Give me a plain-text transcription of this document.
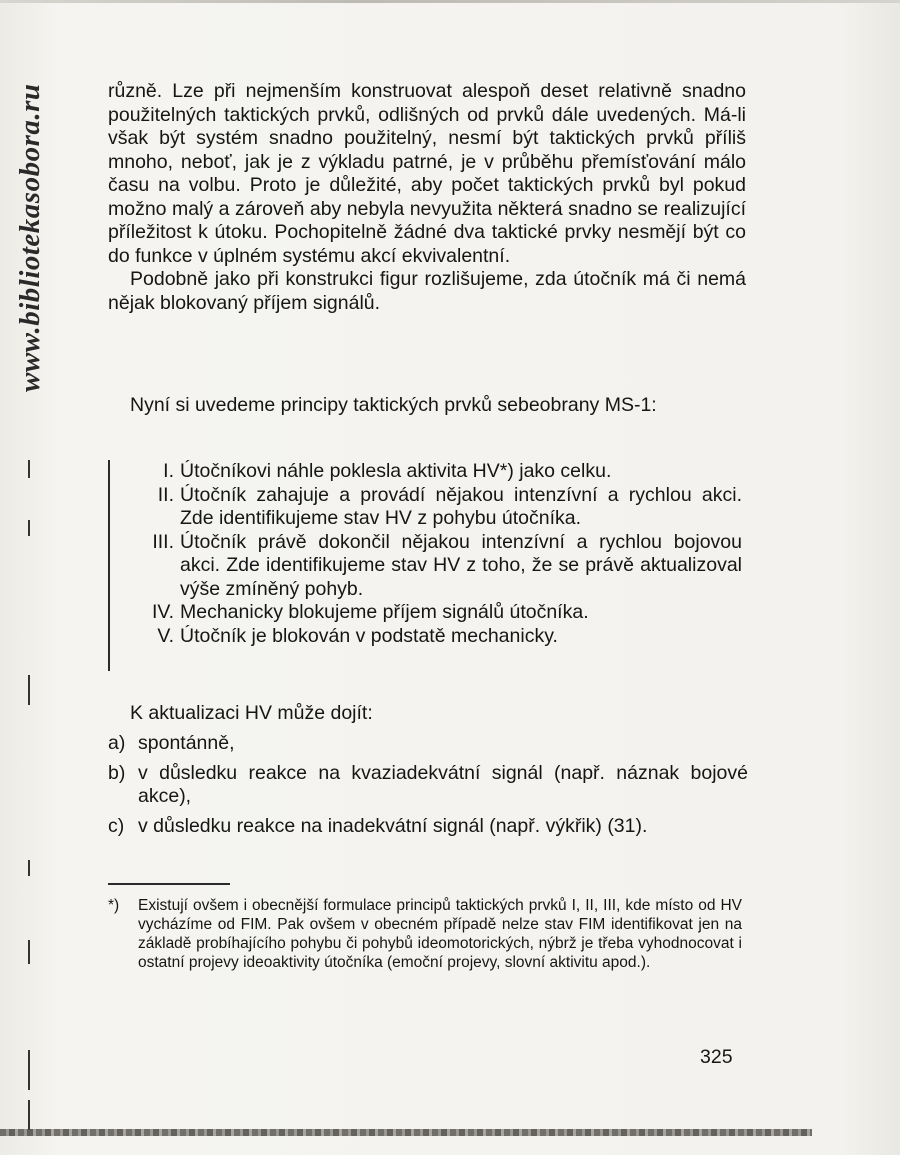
www.bibliotekasobora.ru	různě. Lze při nejmenším konstruovat alespoň deset relativně snadno použitelných taktických prvků, odlišných od prvků dále uvedených. Má-li však být systém snadno použitelný, nesmí být taktických prvků příliš mnoho, neboť, jak je z výkladu patrné, je v průběhu přemísťování málo času na volbu. Proto je důležité, aby počet taktických prvků byl pokud možno malý a zároveň aby nebyla nevyužita některá snadno se realizující příležitost k útoku. Pochopitelně žádné dva taktické prvky nesmějí být co do funkce v úplném systému akcí ekvivalentní.

Podobně jako při konstrukci figur rozlišujeme, zda útočník má či nemá nějak blokovaný příjem signálů.

Nyní si uvedeme principy taktických prvků sebeobrany MS-1:

I. Útočníkovi náhle poklesla aktivita HV*) jako celku.
II. Útočník zahajuje a provádí nějakou intenzívní a rychlou akci. Zde identifikujeme stav HV z pohybu útočníka.
III. Útočník právě dokončil nějakou intenzívní a rychlou bojovou akci. Zde identifikujeme stav HV z toho, že se právě aktualizoval výše zmíněný pohyb.
IV. Mechanicky blokujeme příjem signálů útočníka.
V. Útočník je blokován v podstatě mechanicky.

K aktualizaci HV může dojít:

a) spontánně,
b) v důsledku reakce na kvaziadekvátní signál (např. náznak bojové akce),
c) v důsledku reakce na inadekvátní signál (např. výkřik) (31).
*)	Existují ovšem i obecnější formulace principů taktických prvků I, II, III, kde místo od HV vycházíme od FIM. Pak ovšem v obecném případě nelze stav FIM identifikovat jen na základě probíhajícího pohybu či pohybů ideomotorických, nýbrž je třeba vyhodnocovat i ostatní projevy ideoaktivity útočníka (emoční projevy, slovní aktivitu apod.).
325
